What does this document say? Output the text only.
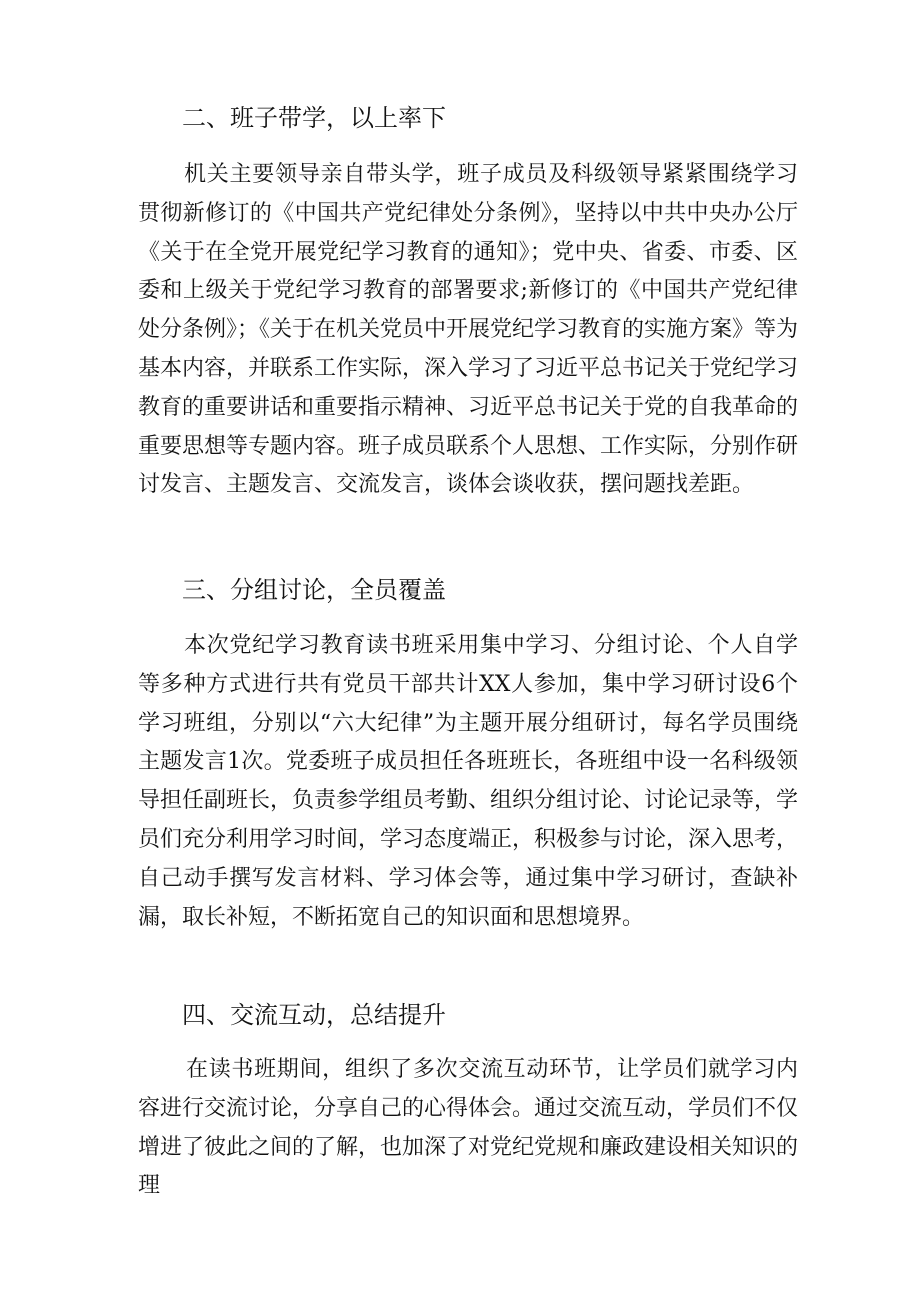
二、班子带学，以上率下

机关主要领导亲自带头学，班子成员及科级领导紧紧围绕学习贯彻新修订的《中国共产党纪律处分条例》，坚持以中共中央办公厅《关于在全党开展党纪学习教育的通知》；党中央、省委、市委、区委和上级关于党纪学习教育的部署要求;新修订的《中国共产党纪律处分条例》；《关于在机关党员中开展党纪学习教育的实施方案》等为基本内容，并联系工作实际，深入学习了习近平总书记关于党纪学习教育的重要讲话和重要指示精神、习近平总书记关于党的自我革命的重要思想等专题内容。班子成员联系个人思想、工作实际，分别作研讨发言、主题发言、交流发言，谈体会谈收获，摆问题找差距。

三、分组讨论，全员覆盖

本次党纪学习教育读书班采用集中学习、分组讨论、个人自学等多种方式进行共有党员干部共计XX人参加，集中学习研讨设6个学习班组，分别以“六大纪律”为主题开展分组研讨，每名学员围绕主题发言1次。党委班子成员担任各班班长，各班组中设一名科级领导担任副班长，负责参学组员考勤、组织分组讨论、讨论记录等，学员们充分利用学习时间，学习态度端正，积极参与讨论，深入思考，自己动手撰写发言材料、学习体会等，通过集中学习研讨，查缺补漏，取长补短，不断拓宽自己的知识面和思想境界。

四、交流互动，总结提升

在读书班期间，组织了多次交流互动环节，让学员们就学习内容进行交流讨论，分享自己的心得体会。通过交流互动，学员们不仅增进了彼此之间的了解，也加深了对党纪党规和廉政建设相关知识的理
